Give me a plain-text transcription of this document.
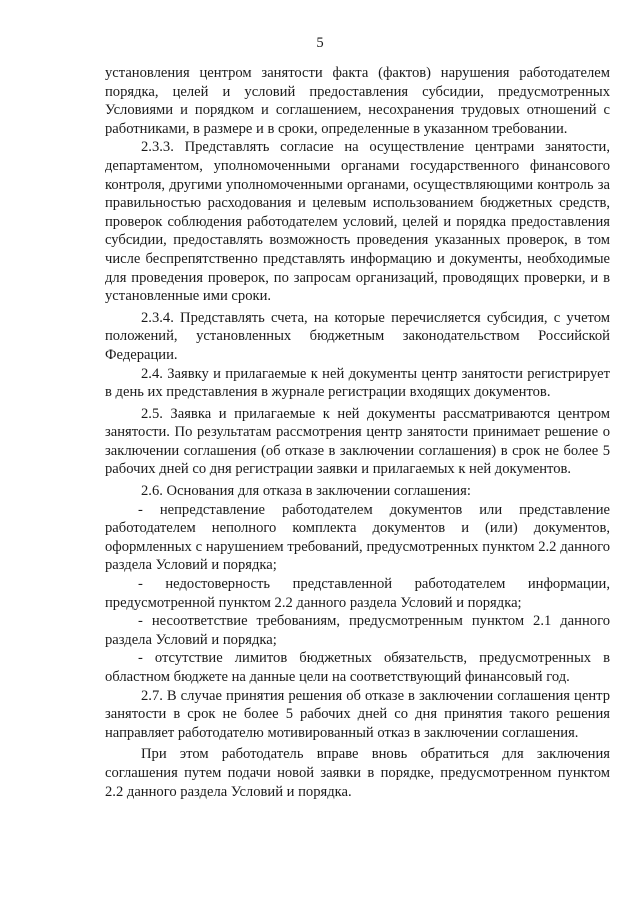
5

установления центром занятости факта (фактов) нарушения работодателем порядка, целей и условий предоставления субсидии, предусмотренных Условиями и порядком и соглашением, несохранения трудовых отношений с работниками, в размере и в сроки, определенные в указанном требовании.

2.3.3. Представлять согласие на осуществление центрами занятости, департаментом, уполномоченными органами государственного финансового контроля, другими уполномоченными органами, осуществляющими контроль за правильностью расходования и целевым использованием бюджетных средств, проверок соблюдения работодателем условий, целей и порядка предоставления субсидии, предоставлять возможность проведения указанных проверок, в том числе беспрепятственно представлять информацию и документы, необходимые для проведения проверок, по запросам организаций, проводящих проверки, и в установленные ими сроки.

2.3.4. Представлять счета, на которые перечисляется субсидия, с учетом положений, установленных бюджетным законодательством Российской Федерации.

2.4. Заявку и прилагаемые к ней документы центр занятости регистрирует в день их представления в журнале регистрации входящих документов.

2.5. Заявка и прилагаемые к ней документы рассматриваются центром занятости. По результатам рассмотрения центр занятости принимает решение о заключении соглашения (об отказе в заключении соглашения) в срок не более 5 рабочих дней со дня регистрации заявки и прилагаемых к ней документов.

2.6. Основания для отказа в заключении соглашения:

- непредставление работодателем документов или представление работодателем неполного комплекта документов и (или) документов, оформленных с нарушением требований, предусмотренных пунктом 2.2 данного раздела Условий и порядка;

- недостоверность представленной работодателем информации, предусмотренной пунктом 2.2 данного раздела Условий и порядка;

- несоответствие требованиям, предусмотренным пунктом 2.1 данного раздела Условий и порядка;

- отсутствие лимитов бюджетных обязательств, предусмотренных в областном бюджете на данные цели на соответствующий финансовый год.

2.7. В случае принятия решения об отказе в заключении соглашения центр занятости в срок не более 5 рабочих дней со дня принятия такого решения направляет работодателю мотивированный отказ в заключении соглашения.

При этом работодатель вправе вновь обратиться для заключения соглашения путем подачи новой заявки в порядке, предусмотренном пунктом 2.2 данного раздела Условий и порядка.
